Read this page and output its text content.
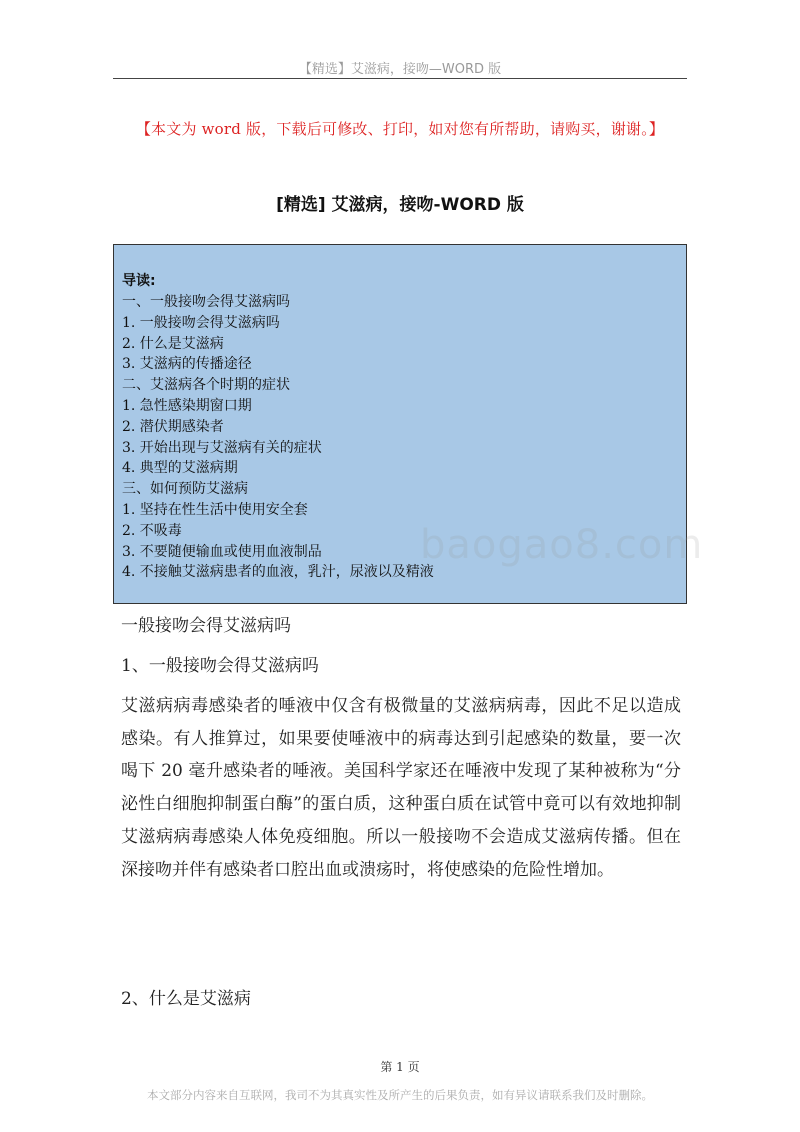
【精选】艾滋病，接吻—WORD 版
【本文为 word 版，下载后可修改、打印，如对您有所帮助，请购买，谢谢。】
[精选] 艾滋病，接吻-WORD 版
导读:
一、一般接吻会得艾滋病吗
1. 一般接吻会得艾滋病吗
2. 什么是艾滋病
3. 艾滋病的传播途径
二、艾滋病各个时期的症状
1. 急性感染期窗口期
2. 潜伏期感染者
3. 开始出现与艾滋病有关的症状
4. 典型的艾滋病期
三、如何预防艾滋病
1. 坚持在性生活中使用安全套
2. 不吸毒
3. 不要随便输血或使用血液制品
4. 不接触艾滋病患者的血液，乳汁，尿液以及精液
baogao8.com
一般接吻会得艾滋病吗
1、一般接吻会得艾滋病吗
艾滋病病毒感染者的唾液中仅含有极微量的艾滋病病毒，因此不足以造成感染。有人推算过，如果要使唾液中的病毒达到引起感染的数量，要一次喝下 20 毫升感染者的唾液。美国科学家还在唾液中发现了某种被称为“分泌性白细胞抑制蛋白酶”的蛋白质，这种蛋白质在试管中竟可以有效地抑制艾滋病病毒感染人体免疫细胞。所以一般接吻不会造成艾滋病传播。但在深接吻并伴有感染者口腔出血或溃疡时，将使感染的危险性增加。
2、什么是艾滋病
第 1 页
本文部分内容来自互联网，我司不为其真实性及所产生的后果负责，如有异议请联系我们及时删除。
